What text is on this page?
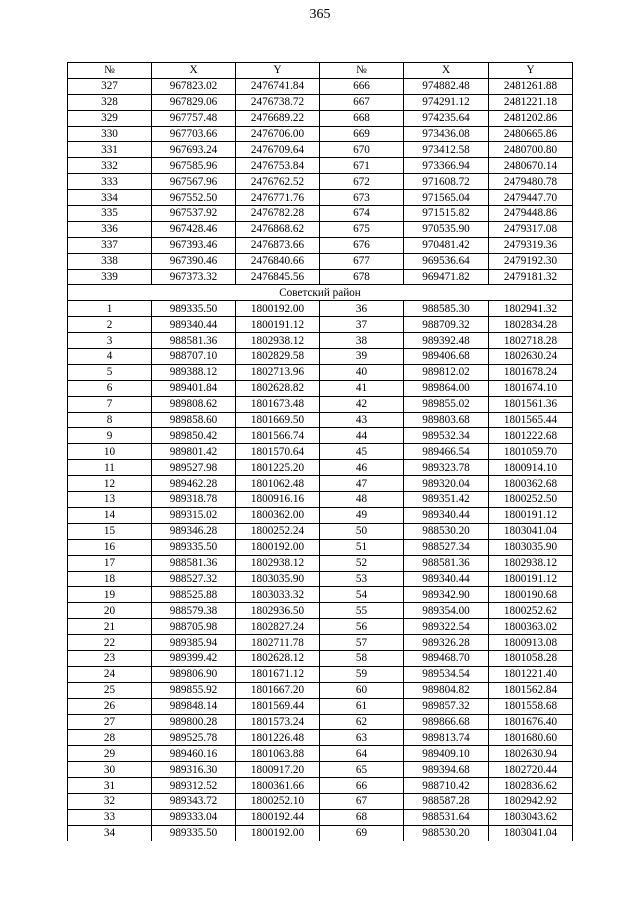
365
№	X	Y	№	X	Y
327	967823.02	2476741.84	666	974882.48	2481261.88
328	967829.06	2476738.72	667	974291.12	2481221.18
329	967757.48	2476689.22	668	974235.64	2481202.86
330	967703.66	2476706.00	669	973436.08	2480665.86
331	967693.24	2476709.64	670	973412.58	2480700.80
332	967585.96	2476753.84	671	973366.94	2480670.14
333	967567.96	2476762.52	672	971608.72	2479480.78
334	967552.50	2476771.76	673	971565.04	2479447.70
335	967537.92	2476782.28	674	971515.82	2479448.86
336	967428.46	2476868.62	675	970535.90	2479317.08
337	967393.46	2476873.66	676	970481.42	2479319.36
338	967390.46	2476840.66	677	969536.64	2479192.30
339	967373.32	2476845.56	678	969471.82	2479181.32
Советский район					
1	989335.50	1800192.00	36	988585.30	1802941.32
2	989340.44	1800191.12	37	988709.32	1802834.28
3	988581.36	1802938.12	38	989392.48	1802718.28
4	988707.10	1802829.58	39	989406.68	1802630.24
5	989388.12	1802713.96	40	989812.02	1801678.24
6	989401.84	1802628.82	41	989864.00	1801674.10
7	989808.62	1801673.48	42	989855.02	1801561.36
8	989858.60	1801669.50	43	989803.68	1801565.44
9	989850.42	1801566.74	44	989532.34	1801222.68
10	989801.42	1801570.64	45	989466.54	1801059.70
11	989527.98	1801225.20	46	989323.78	1800914.10
12	989462.28	1801062.48	47	989320.04	1800362.68
13	989318.78	1800916.16	48	989351.42	1800252.50
14	989315.02	1800362.00	49	989340.44	1800191.12
15	989346.28	1800252.24	50	988530.20	1803041.04
16	989335.50	1800192.00	51	988527.34	1803035.90
17	988581.36	1802938.12	52	988581.36	1802938.12
18	988527.32	1803035.90	53	989340.44	1800191.12
19	988525.88	1803033.32	54	989342.90	1800190.68
20	988579.38	1802936.50	55	989354.00	1800252.62
21	988705.98	1802827.24	56	989322.54	1800363.02
22	989385.94	1802711.78	57	989326.28	1800913.08
23	989399.42	1802628.12	58	989468.70	1801058.28
24	989806.90	1801671.12	59	989534.54	1801221.40
25	989855.92	1801667.20	60	989804.82	1801562.84
26	989848.14	1801569.44	61	989857.32	1801558.68
27	989800.28	1801573.24	62	989866.68	1801676.40
28	989525.78	1801226.48	63	989813.74	1801680.60
29	989460.16	1801063.88	64	989409.10	1802630.94
30	989316.30	1800917.20	65	989394.68	1802720.44
31	989312.52	1800361.66	66	988710.42	1802836.62
32	989343.72	1800252.10	67	988587.28	1802942.92
33	989333.04	1800192.44	68	988531.64	1803043.62
34	989335.50	1800192.00	69	988530.20	1803041.04
